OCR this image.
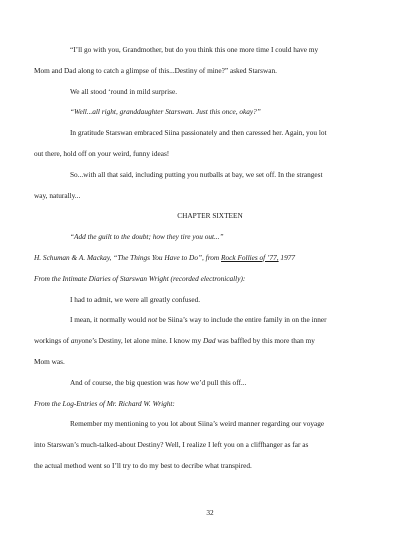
“I’ll go with you, Grandmother, but do you think this one more time I could have my
Mom and Dad along to catch a glimpse of this...Destiny of mine?” asked Starswan.
We all stood ‘round in mild surprise.
“Well...all right, granddaughter Starswan. Just this once, okay?”
In gratitude Starswan embraced Siina passionately and then caressed her. Again, you lot
out there, hold off on your weird, funny ideas!
So...with all that said, including putting you nutballs at bay, we set off. In the strangest
way, naturally...
CHAPTER SIXTEEN
“Add the guilt to the doubt; how they tire you out...”
H. Schuman & A. Mackay, “The Things You Have to Do”, from Rock Follies of ’77, 1977
From the Intimate Diaries of Starswan Wright (recorded electronically):
I had to admit, we were all greatly confused.
I mean, it normally would not be Siina’s way to include the entire family in on the inner
workings of anyone’s Destiny, let alone mine. I know my Dad was baffled by this more than my
Mom was.
And of course, the big question was how we’d pull this off...
From the Log-Entries of Mr. Richard W. Wright:
Remember my mentioning to you lot about Siina’s weird manner regarding our voyage
into Starswan’s much-talked-about Destiny? Well, I realize I left you on a cliffhanger as far as
the actual method went so I’ll try to do my best to decribe what transpired.
32
